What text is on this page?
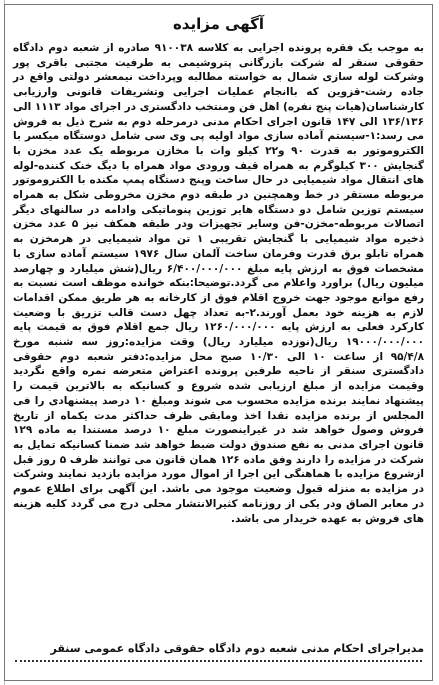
آگهی مزایده
به موجب یک فقره پرونده اجرایی به کلاسه ۹۱۰۰۳۸ صادره از شعبه دوم دادگاه حقوقی سنقر له شرکت بازرگانی پتروشیمی به طرفیت مجتبی باقری پور وشرکت لوله سازی شمال به خواسته مطالبه وپرداخت نیمعشر دولتی واقع در جاده رشت-قزوین که باانجام عملیات اجرایی وتشریفات قانونی وارزیابی کارشناسان(هیات پنج نفره) اهل فن ومنتخب دادگستری در اجرای مواد ۱۱۱۳ الی ۱۳۶/۱۳۶ الی ۱۴۷ قانون اجرای احکام مدنی درمرحله دوم به شرح ذیل به فروش می رسد:۱-سیستم آماده سازی مواد اولیه پی وی سی شامل دوستگاه میکسر با الکتروموتور به قدرت ۹۰ و۲۲ کیلو وات با مخازن مربوطه یک عدد مخزن با گنجایش ۳۰۰ کیلوگرم به همراه قیف ورودی مواد همراه با دیگ خنک کننده-لوله های انتقال مواد شیمیایی در حال ساخت وپنج دستگاه پمپ مکنده با الکتروموتور مربوطه مستقر در خط وهمچنین در طبقه دوم مخزن مخروطی شکل به همراه سیستم توزین شامل دو دستگاه هایر توزین پنوماتیکی وادامه در سالنهای دیگر اتصالات مربوطه-مخزن-فن وسایر تجهیزات ودر طبقه همکف نیز ۵ عدد مخزن ذخیره مواد شیمیایی با گنجایش تقریبی ۱ تن مواد شیمیایی در هرمخزن به همراه تابلو برق قدرت وفرمان ساخت آلمان سال ۱۹۷۶ سیستم آماده سازی با مشخصات فوق به ارزش پایه مبلغ ۶/۴۰۰/۰۰۰/۰۰۰ ریال(شش میلیارد و چهارصد میلیون ریال) براورد واعلام می گردد.توضیحا:بنکه خوانده موظف است نسبت به رفع موانع موجود جهت خروج اقلام فوق از کارخانه به هر طریق ممکن اقدامات لازم به هزینه خود بعمل آورند.۲-به تعداد چهل دست قالب تزریق با وضعیت کارکرد فعلی به ارزش پایه ۱۲۶۰/۰۰۰/۰۰۰ ریال جمع اقلام فوق به قیمت پایه ۱۹۰۰۰/۰۰۰/۰۰۰ ریال(نوزده میلیارد ریال) وقت مزایده:روز سه شنبه مورخ ۹۵/۴/۸ از ساعت ۱۰ الی ۱۰/۳۰ صبح محل مزایده:دفتر شعبه دوم حقوقی دادگستری سنقر از ناحیه طرفین پرونده اعتراض متعرضه نمره واقع نگردید وقیمت مزایده از مبلغ ارزیابی شده شروع و کسانیکه به بالاترین قیمت را پیشنهاد نمایند برنده مزایده محسوب می شوند ومبلغ ۱۰ درصد پیشنهادی را فی المجلس از برنده مزایده نقدا اخذ ومابقی ظرف حداکثر مدت یکماه از تاریخ فروش وصول خواهد شد در غیراینصورت مبلغ ۱۰ درصد مستندا به ماده ۱۲۹ قانون اجرای مدنی به نفع صندوق دولت ضبط خواهد شد ضمنا کسانیکه تمایل به شرکت در مزایده را دارند وفق ماده ۱۲۶ همان قانون می توانند ظرف ۵ روز قبل ازشروع مزایده با هماهنگی این اجرا از اموال مورد مزایده بازدید نمایند وشرکت در مزایده به منزله قبول وضعیت موجود می باشد. این آگهی برای اطلاع عموم در معابر الصاق ودر یکی از روزنامه کثیرالانتشار محلی درج می گردد کلیه هزینه های فروش به عهده خریدار می باشد.
مدیراجرای احکام مدنی شعبه دوم دادگاه حقوقی دادگاه عمومی سنقر
